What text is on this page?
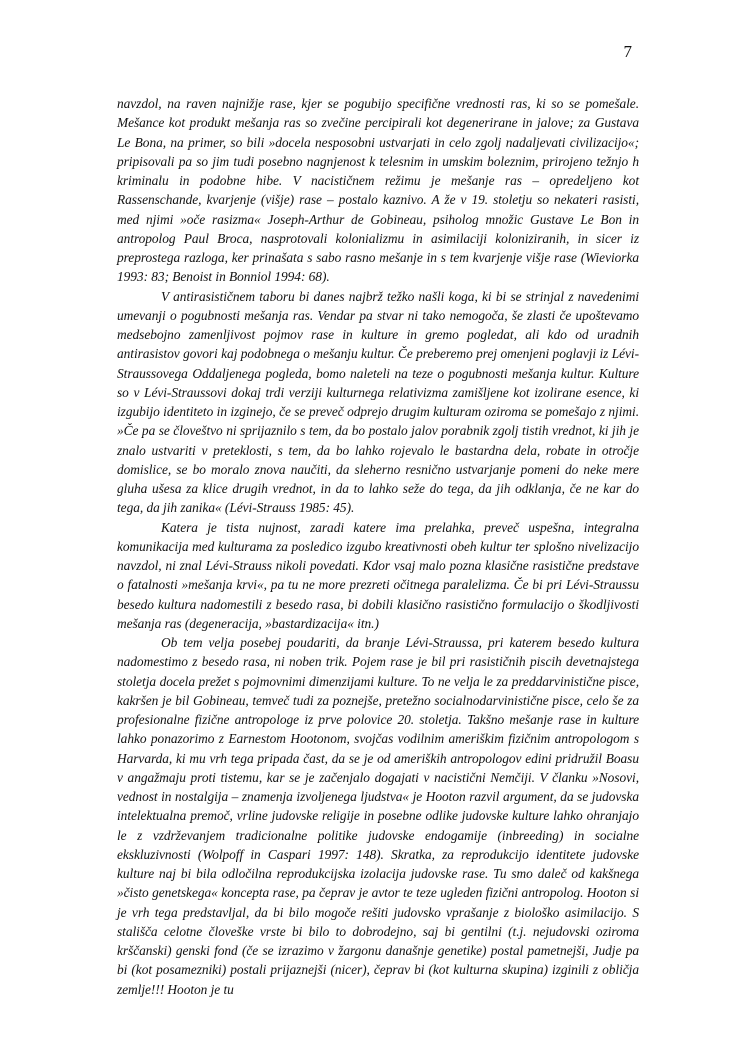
7

navzdol, na raven najnižje rase, kjer se pogubijo specifične vrednosti ras, ki so se pomešale. Mešance kot produkt mešanja ras so zvečine percipirali kot degenerirane in jalove; za Gustava Le Bona, na primer, so bili »docela nesposobni ustvarjati in celo zgolj nadaljevati civilizacijo«; pripisovali pa so jim tudi posebno nagnjenost k telesnim in umskim boleznim, prirojeno težnjo h kriminalu in podobne hibe. V nacističnem režimu je mešanje ras – opredeljeno kot Rassenschande, kvarjenje (višje) rase – postalo kaznivo. A že v 19. stoletju so nekateri rasisti, med njimi »oče rasizma« Joseph-Arthur de Gobineau, psiholog množic Gustave Le Bon in antropolog Paul Broca, nasprotovali kolonializmu in asimilaciji koloniziranih, in sicer iz preprostega razloga, ker prinašata s sabo rasno mešanje in s tem kvarjenje višje rase (Wieviorka 1993: 83; Benoist in Bonniol 1994: 68).

V antirasističnem taboru bi danes najbrž težko našli koga, ki bi se strinjal z navedenimi umevanji o pogubnosti mešanja ras. Vendar pa stvar ni tako nemogoča, še zlasti če upoštevamo medsebojno zamenljivost pojmov rase in kulture in gremo pogledat, ali kdo od uradnih antirasistov govori kaj podobnega o mešanju kultur. Če preberemo prej omenjeni poglavji iz Lévi-Straussovega Oddaljenega pogleda, bomo naleteli na teze o pogubnosti mešanja kultur. Kulture so v Lévi-Straussovi dokaj trdi verziji kulturnega relativizma zamišljene kot izolirane esence, ki izgubijo identiteto in izginejo, če se preveč odprejo drugim kulturam oziroma se pomešajo z njimi. »Če pa se človeštvo ni sprijaznilo s tem, da bo postalo jalov porabnik zgolj tistih vrednot, ki jih je znalo ustvariti v preteklosti, s tem, da bo lahko rojevalo le bastardna dela, robate in otročje domislice, se bo moralo znova naučiti, da sleherno resnično ustvarjanje pomeni do neke mere gluha ušesa za klice drugih vrednot, in da to lahko seže do tega, da jih odklanja, če ne kar do tega, da jih zanika« (Lévi-Strauss 1985: 45).

Katera je tista nujnost, zaradi katere ima prelahka, preveč uspešna, integralna komunikacija med kulturama za posledico izgubo kreativnosti obeh kultur ter splošno nivelizacijo navzdol, ni znal Lévi-Strauss nikoli povedati. Kdor vsaj malo pozna klasične rasistične predstave o fatalnosti »mešanja krvi«, pa tu ne more prezreti očitnega paralelizma. Če bi pri Lévi-Straussu besedo kultura nadomestili z besedo rasa, bi dobili klasično rasistično formulacijo o škodljivosti mešanja ras (degeneracija, »bastardizacija« itn.)

Ob tem velja posebej poudariti, da branje Lévi-Straussa, pri katerem besedo kultura nadomestimo z besedo rasa, ni noben trik. Pojem rase je bil pri rasističnih piscih devetnajstega stoletja docela prežet s pojmovnimi dimenzijami kulture. To ne velja le za preddarvinistične pisce, kakršen je bil Gobineau, temveč tudi za poznejše, pretežno socialnodarvinistične pisce, celo še za profesionalne fizične antropologe iz prve polovice 20. stoletja. Takšno mešanje rase in kulture lahko ponazorimo z Earnestom Hootonom, svojčas vodilnim ameriškim fizičnim antropologom s Harvarda, ki mu vrh tega pripada čast, da se je od ameriških antropologov edini pridružil Boasu v angažmaju proti tistemu, kar se je začenjalo dogajati v nacistični Nemčiji. V članku »Nosovi, vednost in nostalgija – znamenja izvoljenega ljudstva« je Hooton razvil argument, da se judovska intelektualna premoč, vrline judovske religije in posebne odlike judovske kulture lahko ohranjajo le z vzdrževanjem tradicionalne politike judovske endogamije (inbreeding) in socialne ekskluzivnosti (Wolpoff in Caspari 1997: 148). Skratka, za reprodukcijo identitete judovske kulture naj bi bila odločilna reprodukcijska izolacija judovske rase. Tu smo daleč od kakšnega »čisto genetskega« koncepta rase, pa čeprav je avtor te teze ugleden fizični antropolog. Hooton si je vrh tega predstavljal, da bi bilo mogoče rešiti judovsko vprašanje z biološko asimilacijo. S stališča celotne človeške vrste bi bilo to dobrodejno, saj bi gentilni (t.j. nejudovski oziroma krščanski) genski fond (če se izrazimo v žargonu današnje genetike) postal pametnejši, Judje pa bi (kot posamezniki) postali prijaznejši (nicer), čeprav bi (kot kulturna skupina) izginili z obličja zemlje!!! Hooton je tu
